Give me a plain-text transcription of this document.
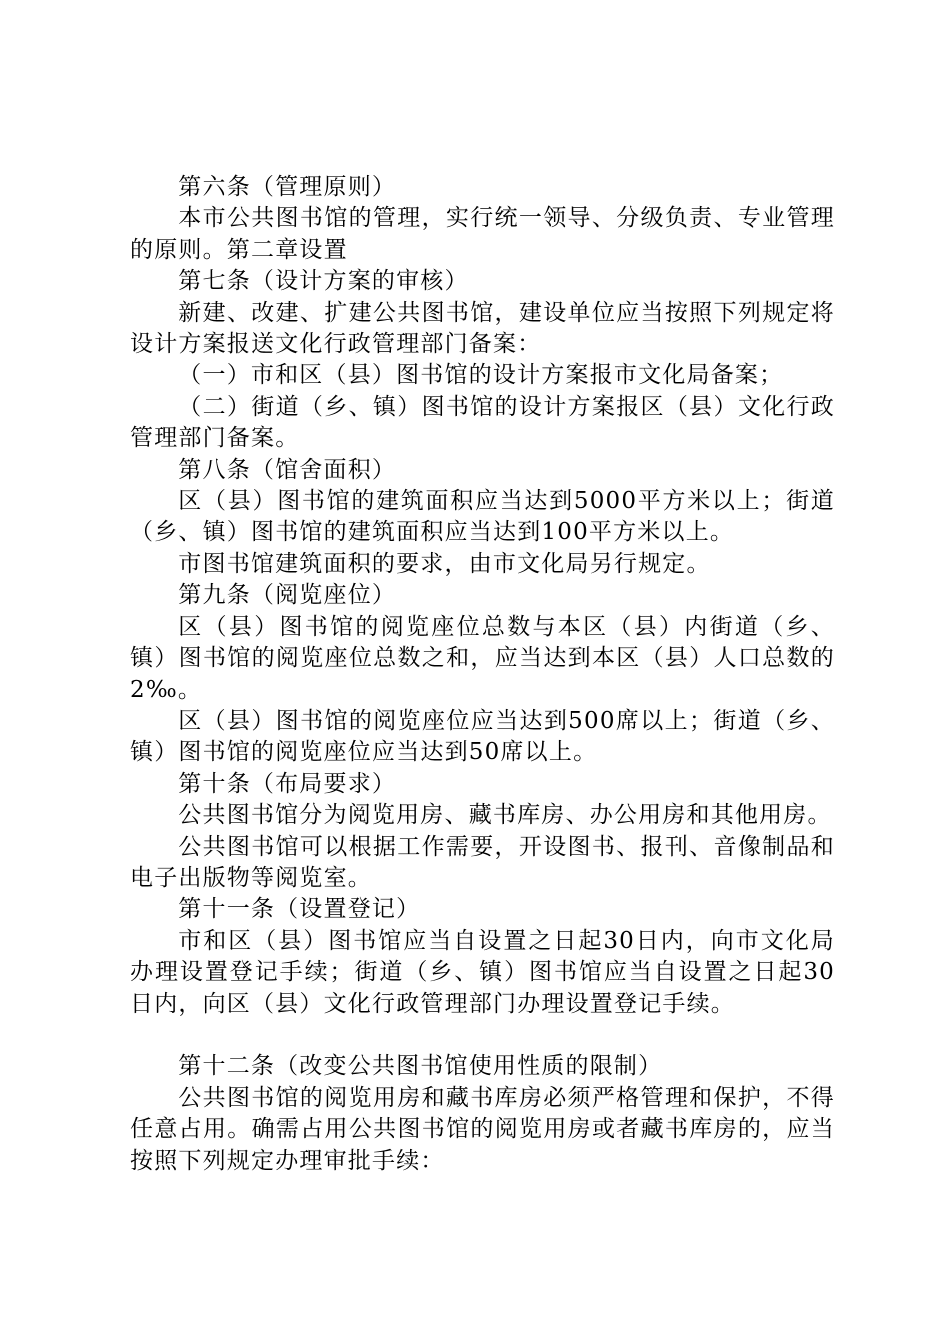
第六条（管理原则）

本市公共图书馆的管理，实行统一领导、分级负责、专业管理的原则。第二章设置

第七条（设计方案的审核）

新建、改建、扩建公共图书馆，建设单位应当按照下列规定将设计方案报送文化行政管理部门备案：

（一）市和区（县）图书馆的设计方案报市文化局备案；

（二）街道（乡、镇）图书馆的设计方案报区（县）文化行政管理部门备案。

第八条（馆舍面积）

区（县）图书馆的建筑面积应当达到5000平方米以上；街道（乡、镇）图书馆的建筑面积应当达到100平方米以上。

市图书馆建筑面积的要求，由市文化局另行规定。

第九条（阅览座位）

区（县）图书馆的阅览座位总数与本区（县）内街道（乡、镇）图书馆的阅览座位总数之和，应当达到本区（县）人口总数的2‰。

区（县）图书馆的阅览座位应当达到500席以上；街道（乡、镇）图书馆的阅览座位应当达到50席以上。

第十条（布局要求）

公共图书馆分为阅览用房、藏书库房、办公用房和其他用房。

公共图书馆可以根据工作需要，开设图书、报刊、音像制品和电子出版物等阅览室。

第十一条（设置登记）

市和区（县）图书馆应当自设置之日起30日内，向市文化局办理设置登记手续；街道（乡、镇）图书馆应当自设置之日起30日内，向区（县）文化行政管理部门办理设置登记手续。

第十二条（改变公共图书馆使用性质的限制）

公共图书馆的阅览用房和藏书库房必须严格管理和保护，不得任意占用。确需占用公共图书馆的阅览用房或者藏书库房的，应当按照下列规定办理审批手续：
